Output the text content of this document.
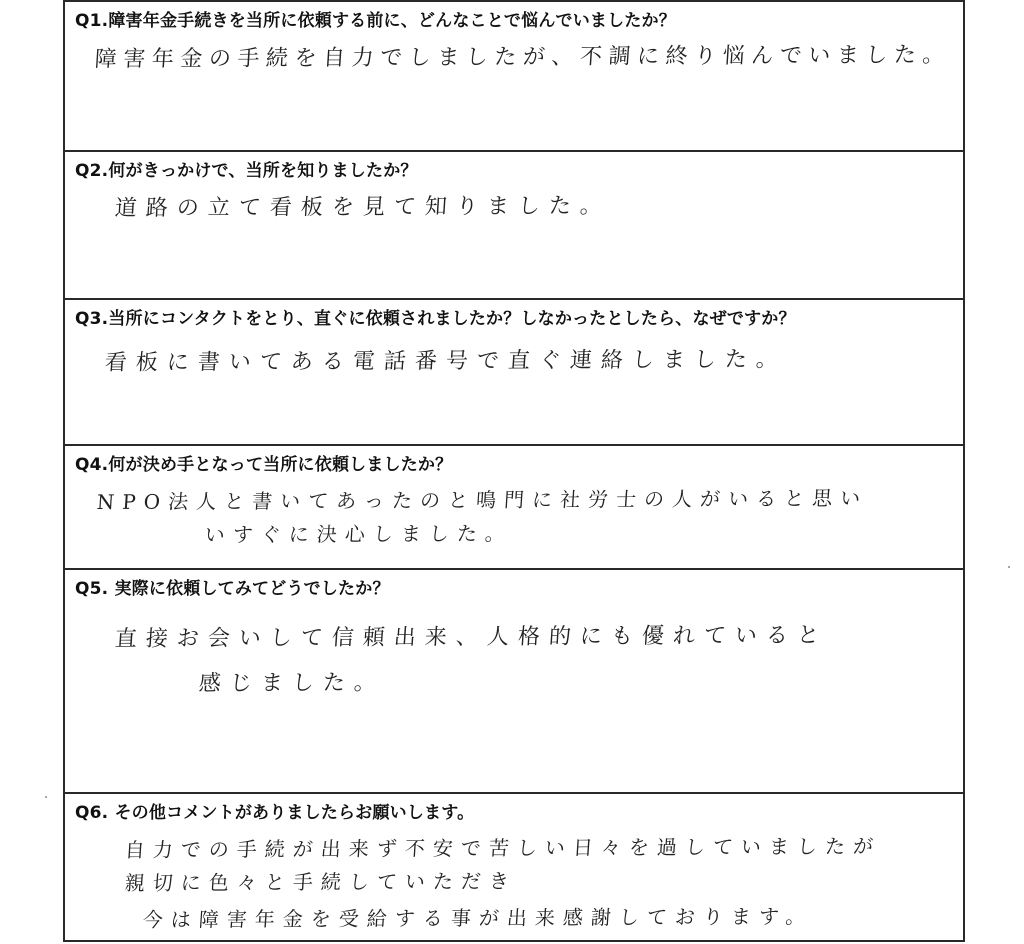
Q1.障害年金手続きを当所に依頼する前に、どんなことで悩んでいましたか？
障害年金の手続を自力でしましたが、不調に終り悩んでいました。
Q2.何がきっかけで、当所を知りましたか？
道路の立て看板を見て知りました。
Q3.当所にコンタクトをとり、直ぐに依頼されましたか？しなかったとしたら、なぜですか？
看板に書いてある電話番号で直ぐ連絡しました。
Q4.何が決め手となって当所に依頼しましたか？
NPO法人と書いてあったのと鳴門に社労士の人がいると思い
いすぐに決心しました。
Q5. 実際に依頼してみてどうでしたか？
直接お会いして信頼出来、人格的にも優れていると
感じました。
Q6. その他コメントがありましたらお願いします。
自力での手続が出来ず不安で苦しい日々を過していましたが
親切に色々と手続していただき
今は障害年金を受給する事が出来感謝しております。
